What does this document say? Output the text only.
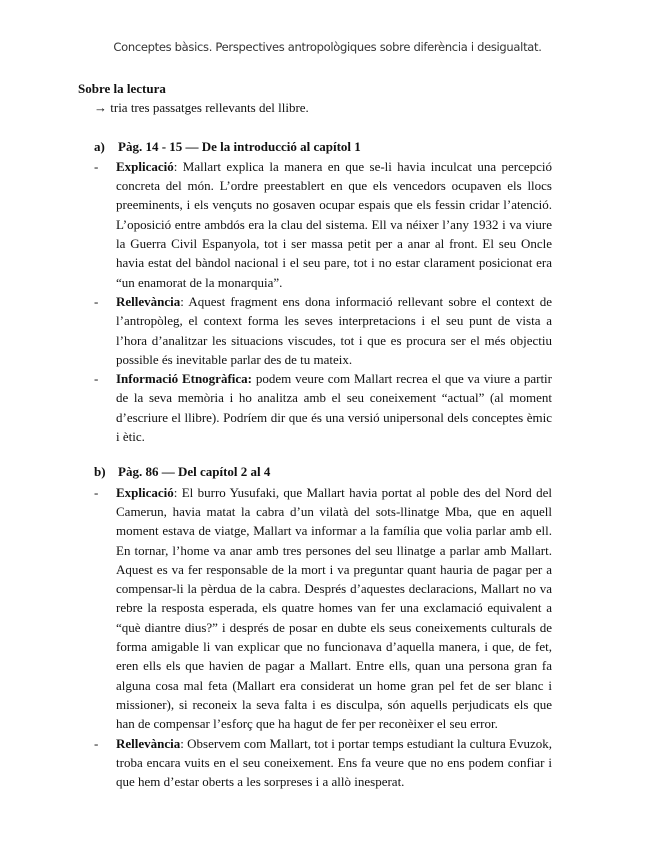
Conceptes bàsics. Perspectives antropològiques sobre diferència i desigualtat.
Sobre la lectura
→ tria tres passatges rellevants del llibre.
a)	Pàg. 14 - 15 — De la introducció al capítol 1
-	Explicació: Mallart explica la manera en que se-li havia inculcat una percepció concreta del món. L’ordre preestablert en que els vencedors ocupaven els llocs preeminents, i els vençuts no gosaven ocupar espais que els fessin cridar l’atenció. L’oposició entre ambdós era la clau del sistema. Ell va néixer l’any 1932 i va viure la Guerra Civil Espanyola, tot i ser massa petit per a anar al front. El seu Oncle havia estat del bàndol nacional i el seu pare, tot i no estar clarament posicionat era “un enamorat de la monarquia”.
-	Rellevància: Aquest fragment ens dona informació rellevant sobre el context de l’antropòleg, el context forma les seves interpretacions i el seu punt de vista a l’hora d’analitzar les situacions viscudes, tot i que es procura ser el més objectiu possible és inevitable parlar des de tu mateix.
-	Informació Etnogràfica: podem veure com Mallart recrea el que va viure a partir de la seva memòria i ho analitza amb el seu coneixement “actual” (al moment d’escriure el llibre). Podríem dir que és una versió unipersonal dels conceptes èmic i ètic.
b) Pàg. 86 — Del capítol 2 al 4
-	Explicació: El burro Yusufaki, que Mallart havia portat al poble des del Nord del Camerun, havia matat la cabra d’un vilatà del sots-llinatge Mba, que en aquell moment estava de viatge, Mallart va informar a la família que volia parlar amb ell. En tornar, l’home va anar amb tres persones del seu llinatge a parlar amb Mallart. Aquest es va fer responsable de la mort i va preguntar quant hauria de pagar per a compensar-li la pèrdua de la cabra. Després d’aquestes declaracions, Mallart no va rebre la resposta esperada, els quatre homes van fer una exclamació equivalent a “què diantre dius?” i després de posar en dubte els seus coneixements culturals de forma amigable li van explicar que no funcionava d’aquella manera, i que, de fet, eren ells els que havien de pagar a Mallart. Entre ells, quan una persona gran fa alguna cosa mal feta (Mallart era considerat un home gran pel fet de ser blanc i missioner), si reconeix la seva falta i es disculpa, són aquells perjudicats els que han de compensar l’esforç que ha hagut de fer per reconèixer el seu error.
-	Rellevància: Observem com Mallart, tot i portar temps estudiant la cultura Evuzok, troba encara vuits en el seu coneixement. Ens fa veure que no ens podem confiar i que hem d’estar oberts a les sorpreses i a allò inesperat.
